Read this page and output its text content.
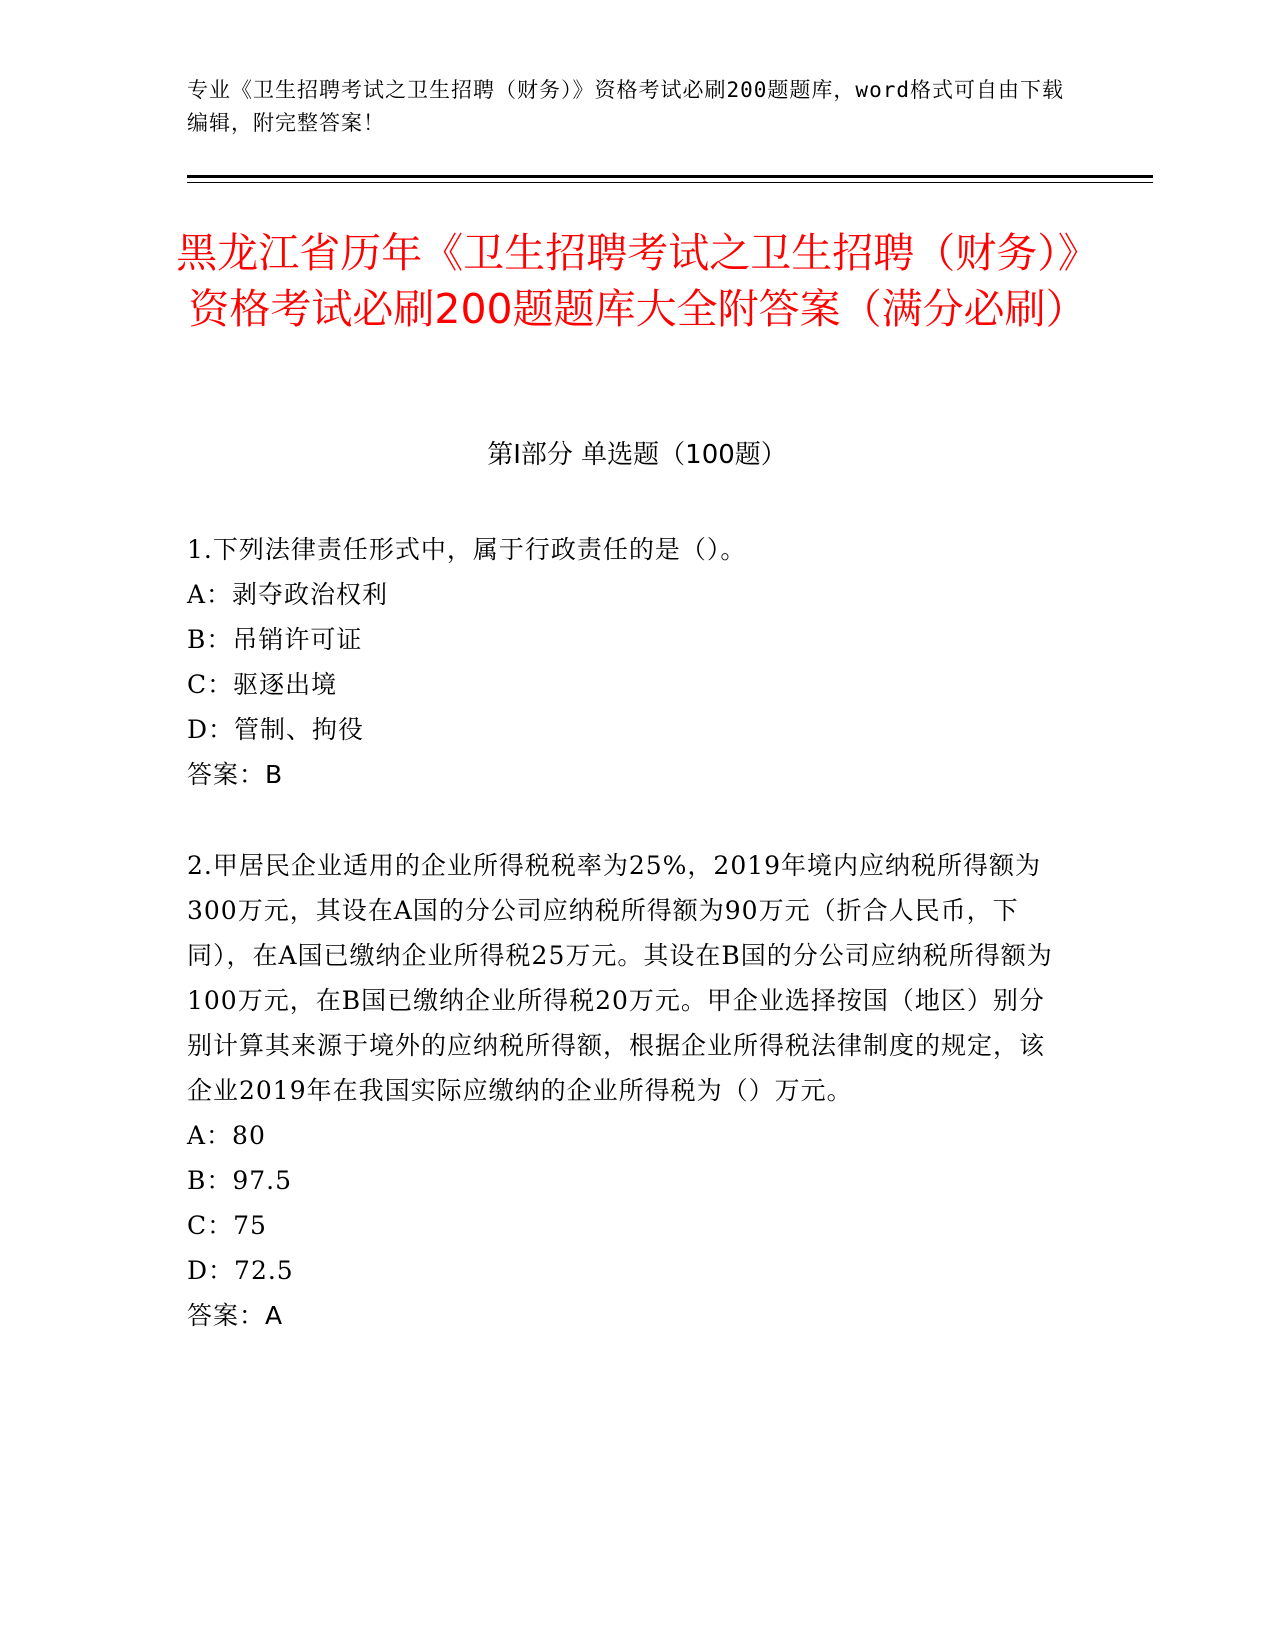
专业《卫生招聘考试之卫生招聘（财务）》资格考试必刷200题题库，word格式可自由下载编辑，附完整答案！
黑龙江省历年《卫生招聘考试之卫生招聘（财务）》资格考试必刷200题题库大全附答案（满分必刷）
第Ⅰ部分 单选题（100题）

1.下列法律责任形式中，属于行政责任的是（）。

A：剥夺政治权利

B：吊销许可证

C：驱逐出境

D：管制、拘役

答案：B

2.甲居民企业适用的企业所得税税率为25%，2019年境内应纳税所得额为300万元，其设在A国的分公司应纳税所得额为90万元（折合人民币，下同），在A国已缴纳企业所得税25万元。其设在B国的分公司应纳税所得额为100万元，在B国已缴纳企业所得税20万元。甲企业选择按国（地区）别分别计算其来源于境外的应纳税所得额，根据企业所得税法律制度的规定，该企业2019年在我国实际应缴纳的企业所得税为（）万元。

A：80

B：97.5

C：75

D：72.5

答案：A
